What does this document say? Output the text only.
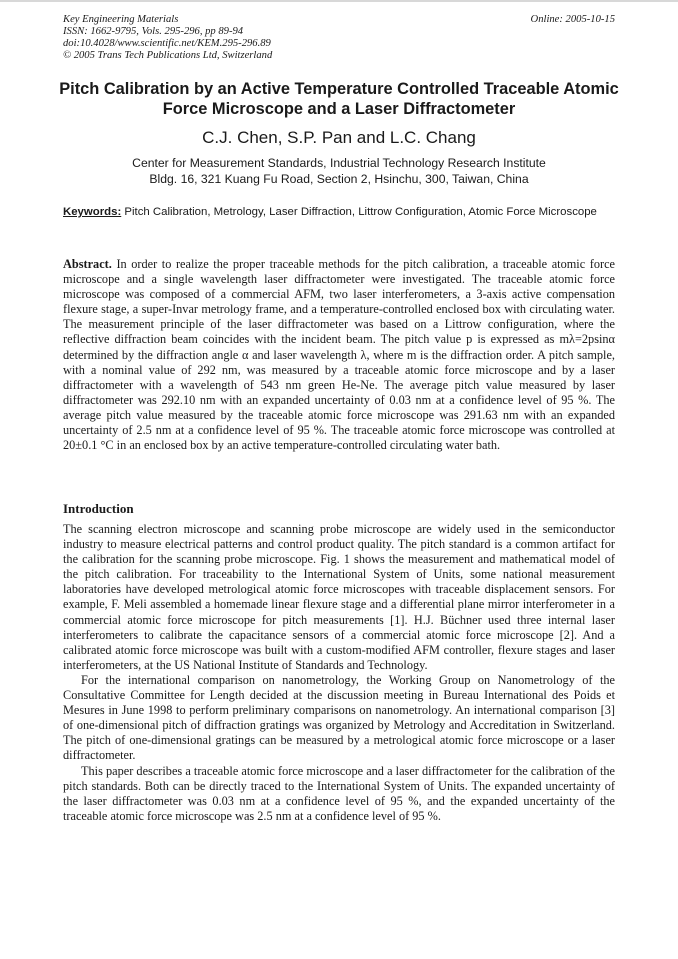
Key Engineering Materials
ISSN: 1662-9795, Vols. 295-296, pp 89-94
doi:10.4028/www.scientific.net/KEM.295-296.89
© 2005 Trans Tech Publications Ltd, Switzerland
Online: 2005-10-15
Pitch Calibration by an Active Temperature Controlled Traceable Atomic Force Microscope and a Laser Diffractometer
C.J. Chen, S.P. Pan and L.C. Chang
Center for Measurement Standards, Industrial Technology Research Institute
Bldg. 16, 321 Kuang Fu Road, Section 2, Hsinchu, 300, Taiwan, China
Keywords: Pitch Calibration, Metrology, Laser Diffraction, Littrow Configuration, Atomic Force Microscope
Abstract. In order to realize the proper traceable methods for the pitch calibration, a traceable atomic force microscope and a single wavelength laser diffractometer were investigated. The traceable atomic force microscope was composed of a commercial AFM, two laser interferometers, a 3-axis active compensation flexure stage, a super-Invar metrology frame, and a temperature-controlled enclosed box with circulating water. The measurement principle of the laser diffractometer was based on a Littrow configuration, where the reflective diffraction beam coincides with the incident beam. The pitch value p is expressed as mλ=2psinα determined by the diffraction angle α and laser wavelength λ, where m is the diffraction order. A pitch sample, with a nominal value of 292 nm, was measured by a traceable atomic force microscope and by a laser diffractometer with a wavelength of 543 nm green He-Ne. The average pitch value measured by laser diffractometer was 292.10 nm with an expanded uncertainty of 0.03 nm at a confidence level of 95 %. The average pitch value measured by the traceable atomic force microscope was 291.63 nm with an expanded uncertainty of 2.5 nm at a confidence level of 95 %. The traceable atomic force microscope was controlled at 20±0.1 °C in an enclosed box by an active temperature-controlled circulating water bath.
Introduction

The scanning electron microscope and scanning probe microscope are widely used in the semiconductor industry to measure electrical patterns and control product quality. The pitch standard is a common artifact for the calibration for the scanning probe microscope. Fig. 1 shows the measurement and mathematical model of the pitch calibration. For traceability to the International System of Units, some national measurement laboratories have developed metrological atomic force microscopes with traceable displacement sensors. For example, F. Meli assembled a homemade linear flexure stage and a differential plane mirror interferometer in a commercial atomic force microscope for pitch measurements [1]. H.J. Büchner used three internal laser interferometers to calibrate the capacitance sensors of a commercial atomic force microscope [2]. And a calibrated atomic force microscope was built with a custom-modified AFM controller, flexure stages and laser interferometers, at the US National Institute of Standards and Technology.

For the international comparison on nanometrology, the Working Group on Nanometrology of the Consultative Committee for Length decided at the discussion meeting in Bureau International des Poids et Mesures in June 1998 to perform preliminary comparisons on nanometrology. An international comparison [3] of one-dimensional pitch of diffraction gratings was organized by Metrology and Accreditation in Switzerland. The pitch of one-dimensional gratings can be measured by a metrological atomic force microscope or a laser diffractometer.

This paper describes a traceable atomic force microscope and a laser diffractometer for the calibration of the pitch standards. Both can be directly traced to the International System of Units. The expanded uncertainty of the laser diffractometer was 0.03 nm at a confidence level of 95 %, and the expanded uncertainty of the traceable atomic force microscope was 2.5 nm at a confidence level of 95 %.
